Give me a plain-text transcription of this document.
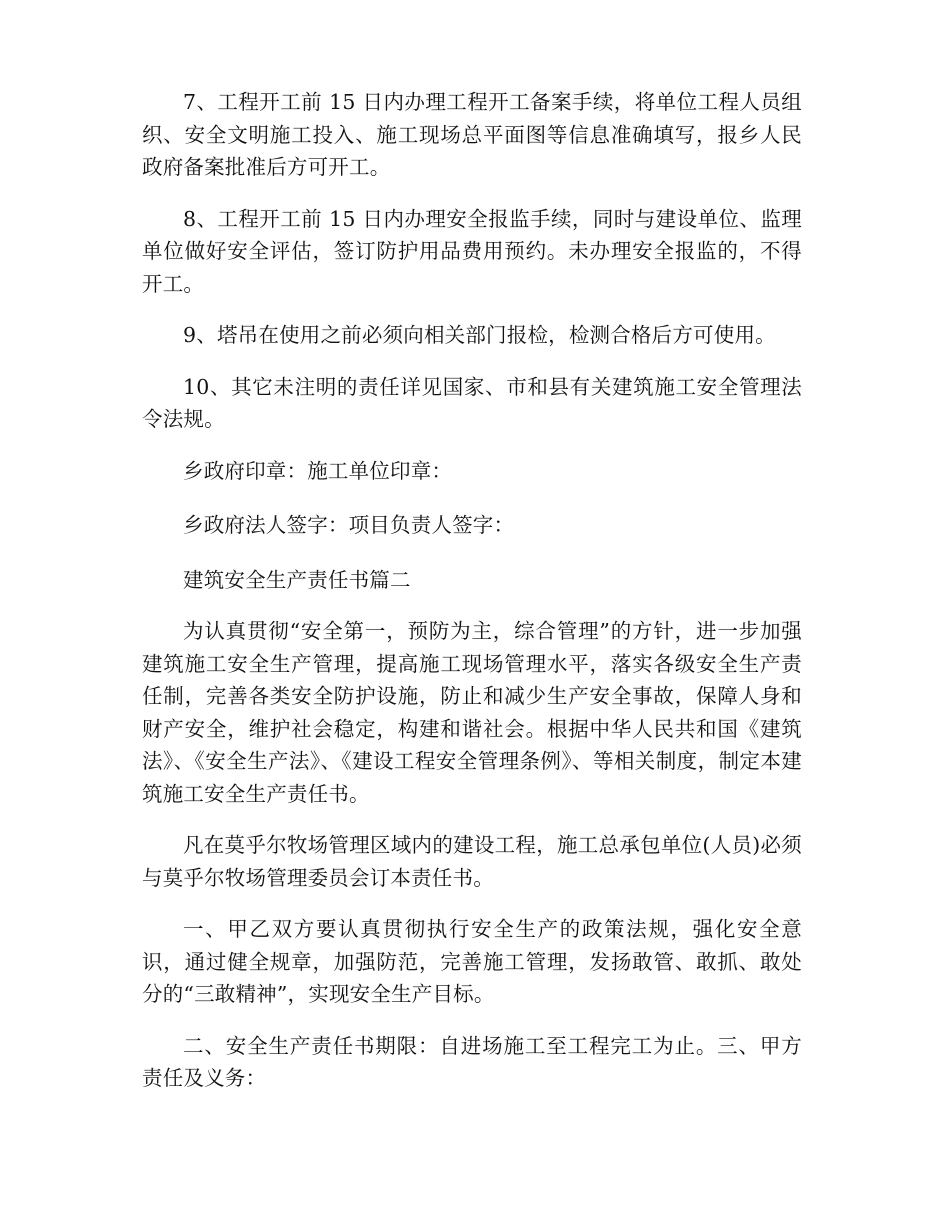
7、工程开工前 15 日内办理工程开工备案手续，将单位工程人员组织、安全文明施工投入、施工现场总平面图等信息准确填写，报乡人民政府备案批准后方可开工。

8、工程开工前 15 日内办理安全报监手续，同时与建设单位、监理单位做好安全评估，签订防护用品费用预约。未办理安全报监的，不得开工。

9、塔吊在使用之前必须向相关部门报检，检测合格后方可使用。

10、其它未注明的责任详见国家、市和县有关建筑施工安全管理法令法规。

乡政府印章：施工单位印章：

乡政府法人签字：项目负责人签字：

建筑安全生产责任书篇二

为认真贯彻“安全第一，预防为主，综合管理”的方针，进一步加强建筑施工安全生产管理，提高施工现场管理水平，落实各级安全生产责任制，完善各类安全防护设施，防止和减少生产安全事故，保障人身和财产安全，维护社会稳定，构建和谐社会。根据中华人民共和国《建筑法》、《安全生产法》、《建设工程安全管理条例》、等相关制度，制定本建筑施工安全生产责任书。

凡在莫乎尔牧场管理区域内的建设工程，施工总承包单位(人员)必须与莫乎尔牧场管理委员会订本责任书。

一、甲乙双方要认真贯彻执行安全生产的政策法规，强化安全意识，通过健全规章，加强防范，完善施工管理，发扬敢管、敢抓、敢处分的“三敢精神”，实现安全生产目标。

二、安全生产责任书期限：自进场施工至工程完工为止。三、甲方责任及义务：
